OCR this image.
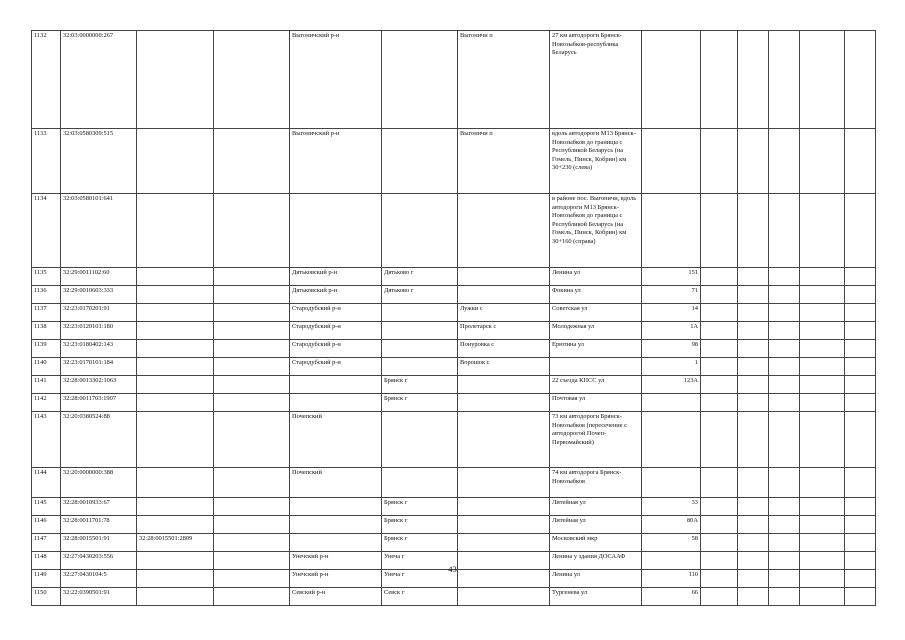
1132	32:03:0000000:267			Выгоничский р-н		Выгоничи п	27 км автодороги Брянск-Новозыбков-республика Беларусь						
1133	32:03:0580309:515			Выгоничский р-н		Выгоничи п	вдоль автодороги М13 Брянск- Новозыбков до границы с Республикой Беларусь (на Гомель, Пинск, Кобрин) км 30+230 (слева)						
1134	32:03:0580101:641						в районе пос. Выгоничи, вдоль автодороги М13 Брянск- Новозыбков до границы с Республикой Беларусь (на Гомель, Пинск, Кобрин) км 30+160 (справа)						
1135	32:29:0011102:60			Дятьковский р-н	Дятьково г		Ленина ул	151					
1136	32:29:0010603:333			Дятьковский р-н	Дятьково г		Фокина ул	71					
1137	32:23:0170201:91			Стародубский р-н		Лужки с	Советская ул	14					
1138	32:23:0120101:180			Стародубский р-н		Пролетарск с	Молодежная ул	1А					
1139	32:23:0180402:143			Стародубский р-н		Понуровка с	Ерютина ул	98					
1140	32:23:0170101:184			Стародубский р-н		Ворошок с		1					
1141	32:28:0013302:1063				Брянск г		22 съезда КПСС ул	123А					
1142	32:28:0011703:1907				Брянск г		Почтовая ул						
1143	32:20:0380524:88			Почепский			73 км автодороги Брянск-Новозыбков (пересечение с автодорогой Почеп-Первомайский)						
1144	32:20:0000000:388			Почепский			74 км автодорога Брянск-Новозыбков						
1145	32:28:0010933:67				Брянск г		Литейная ул	33					
1146	32:28:0011701:78				Брянск г		Литейная ул	80А					
1147	32:28:0015501:91	32:28:0015501:2809			Брянск г		Московский мкр	58					
1148	32:27:0430203:556			Унечский р-н	Унеча г		Ленина у здания ДОСААФ						
1149	32:27:0430104:5			Унечский р-н	Унеча г		Ленина ул	110					
1150	32:22:0390501:91			Севский р-н	Севск г		Тургенева ул	66					
43
